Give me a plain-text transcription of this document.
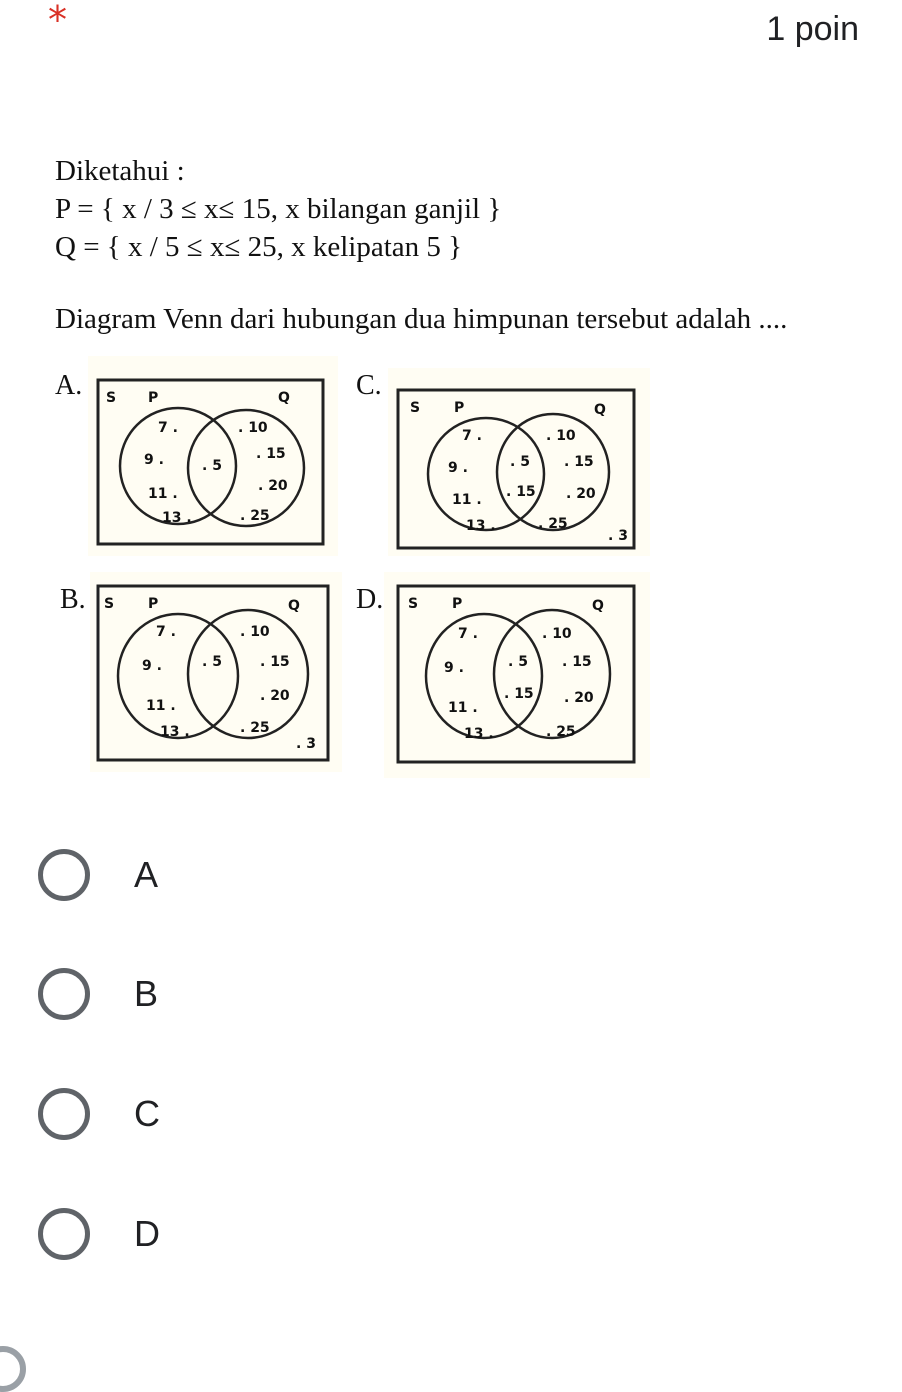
*	1 poin
Diketahui :
P = { x / 3 ≤ x≤ 15, x bilangan ganjil }
Q = { x / 5 ≤ x≤ 25, x kelipatan 5 }
Diagram Venn dari hubungan dua himpunan tersebut adalah ....
A. S P	Q
7 .
9 .
11 .
13 .
. 5
. 10
. 15
. 20
. 25
C.
S P	Q
7 .
9 .
11 .
13 .
. 5
. 15
. 10
. 15
. 20
. 25
. 3
B. S P	Q
7 .
9 .
11 .
13 .
. 5
. 10
. 15
. 20
. 25
. 3
D. S P	Q
7 .
9 .
11 .
13 .
. 5
. 15
. 10
. 15
. 20
. 25
A
B
C
D
